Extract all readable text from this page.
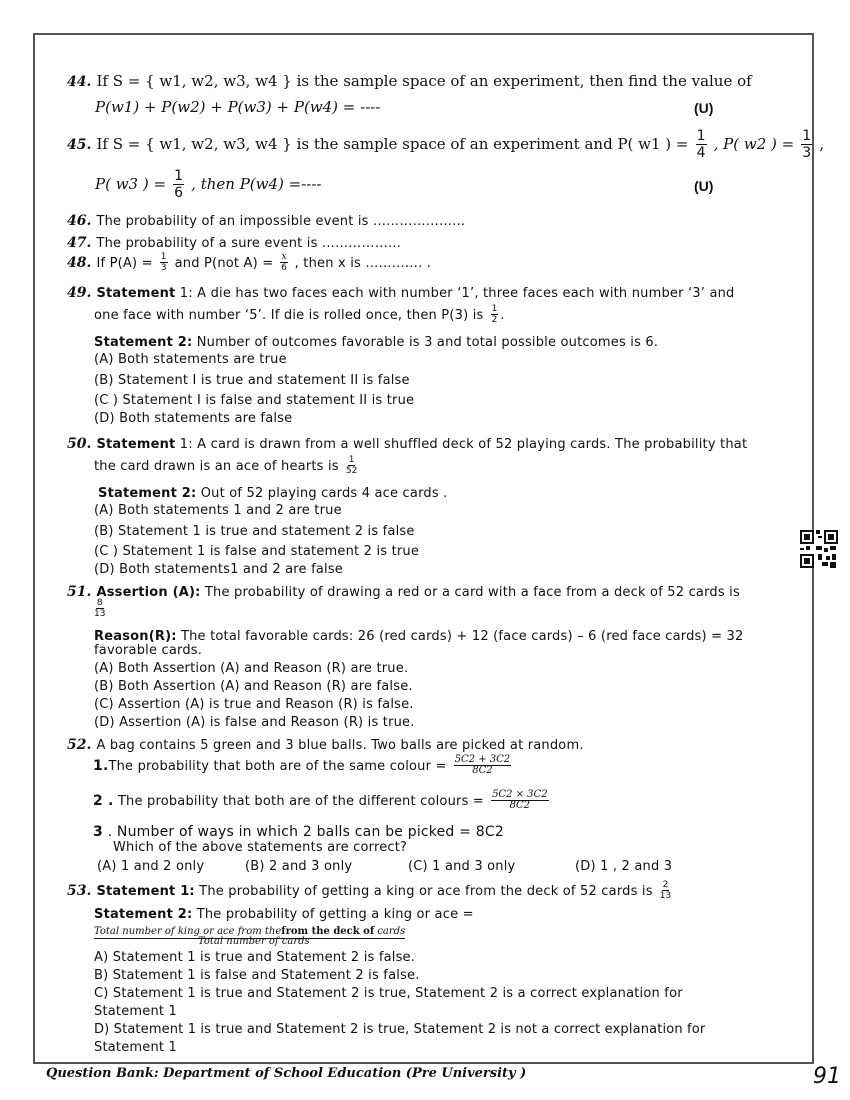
44. If S = { w1, w2, w3, w4 } is the sample space of an experiment, then find the value of
P(w1) + P(w2) + P(w3) + P(w4) = ----	(U)
45. If S = { w1, w2, w3, w4 } is the sample space of an experiment and P( w1 ) = $\frac{1}{4}$ , P( w2 ) = $\frac{1}{3}$ ,
P( w3 ) = $\frac{1}{6}$ , then P(w4) =----	(U)
46. The probability of an impossible event is …………………
47. The probability of a sure event is ………………
48. If $P(A) = \frac{1}{3}$ and P(not $A) = \frac{x}{6}$ , then x is …………. .
49. Statement 1: A die has two faces each with number ‘1’, three faces each with number ‘3’ and
one face with number ‘5’. If die is rolled once, then P(3) is $\frac{1}{2}$ .
Statement 2: Number of outcomes favorable is 3 and total possible outcomes is 6.
(A) Both statements are true
(B) Statement I is true and statement II is false
(C ) Statement I is false and statement II is true
(D) Both statements are false
50. Statement 1: A card is drawn from a well shuffled deck of 52 playing cards. The probability that
the card drawn is an ace of hearts is $\frac{1}{52}$
Statement 2: Out of 52 playing cards 4 ace cards .
(A) Both statements 1 and 2 are true
(B) Statement 1 is true and statement 2 is false
(C ) Statement 1 is false and statement 2 is true
(D) Both statements1 and 2 are false
51. Assertion (A): The probability of drawing a red or a card with a face from a deck of 52 cards is
$\frac{8}{13}$
Reason(R): The total favorable cards: 26 (red cards) + 12 (face cards) – 6 (red face cards) = 32
favorable cards.
(A) Both Assertion (A) and Reason (R) are true.
(B) Both Assertion (A) and Reason (R) are false.
(C) Assertion (A) is true and Reason (R) is false.
(D) Assertion (A) is false and Reason (R) is true.
52. A bag contains 5 green and 3 blue balls. Two balls are picked at random.
1.The probability that both are of the same colour = $\frac{5C2 + 3C2}{8C2}$
2 . The probability that both are of the different colours = $\frac{5C2 \times 3C2}{8C2}$
3 . Number of ways in which 2 balls can be picked = 8C2
Which of the above statements are correct?
(A) 1 and 2 only	(B) 2 and 3 only	(C) 1 and 3 only	(D) 1 , 2 and 3
53. Statement 1: The probability of getting a king or ace from the deck of 52 cards is $\frac{2}{13}$
Statement 2: The probability of getting a king or ace =
Total number of king or ace from thefrom the deck of cards
Total number of cards
A) Statement 1 is true and Statement 2 is false.
B) Statement 1 is false and Statement 2 is false.
C) Statement 1 is true and Statement 2 is true, Statement 2 is a correct explanation for
Statement 1
D) Statement 1 is true and Statement 2 is true, Statement 2 is not a correct explanation for
Statement 1
Question Bank: Department of School Education (Pre University )	91
